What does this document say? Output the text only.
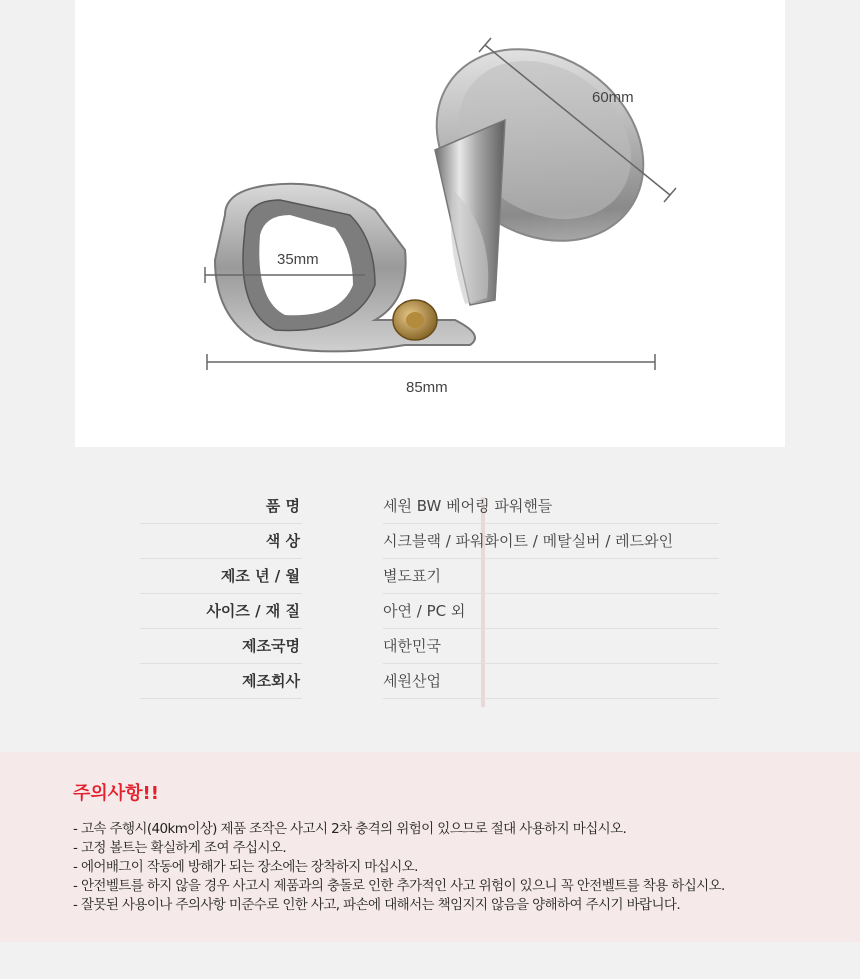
60mm
35mm
85mm
품 명	세원 BW 베어링 파워핸들
색 상	시크블랙 / 파워화이트 / 메탈실버 / 레드와인
제조 년 / 월	별도표기
사이즈 / 재 질	아연 / PC 외
제조국명	대한민국
제조회사	세원산업
주의사항!!
- 고속 주행시(40km이상) 제품 조작은 사고시 2차 충격의 위험이 있으므로 절대 사용하지 마십시오.
- 고정 볼트는 확실하게 조여 주십시오.
- 에어배그이 작동에 방해가 되는 장소에는 장착하지 마십시오.
- 안전벨트를 하지 않을 경우 사고시 제품과의 충돌로 인한 추가적인 사고 위험이 있으니 꼭 안전벨트를 착용 하십시오.
- 잘못된 사용이나 주의사항 미준수로 인한 사고, 파손에 대해서는 책임지지 않음을 양해하여 주시기 바랍니다.
